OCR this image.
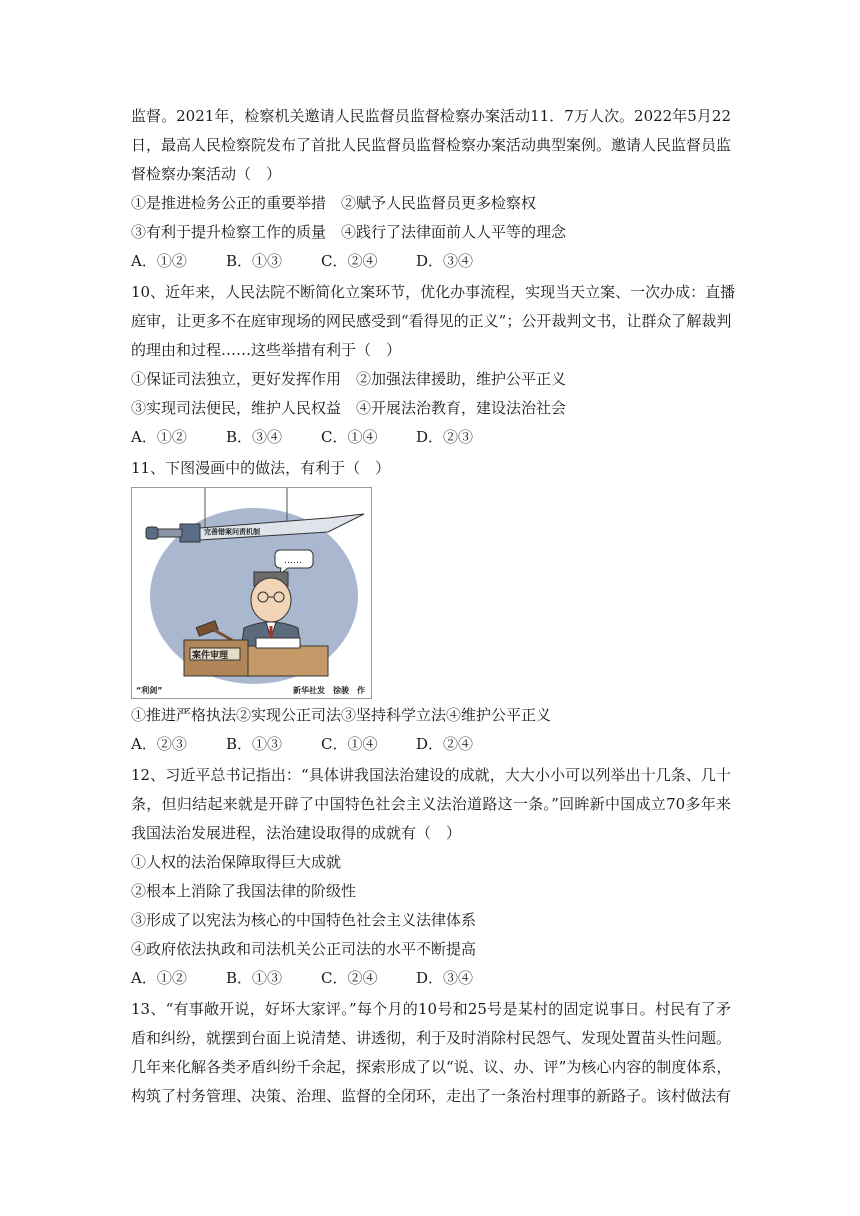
监督。2021年，检察机关邀请人民监督员监督检察办案活动11．7万人次。2022年5月22
日，最高人民检察院发布了首批人民监督员监督检察办案活动典型案例。邀请人民监督员监
督检察办案活动（　）
①是推进检务公正的重要举措　②赋予人民监督员更多检察权
③有利于提升检察工作的质量　④践行了法律面前人人平等的理念
A．①②	B．①③	C．②④	D．③④
10、近年来，人民法院不断简化立案环节，优化办事流程，实现当天立案、一次办成：直播
庭审，让更多不在庭审现场的网民感受到“看得见的正义”；公开裁判文书，让群众了解裁判
的理由和过程……这些举措有利于（　）
①保证司法独立，更好发挥作用　②加强法律援助，维护公平正义
③实现司法便民，维护人民权益　④开展法治教育，建设法治社会
A．①②	B．③④	C．①④	D．②③
11、下图漫画中的做法，有利于（　）
完善错案问责机制
……
案件审理
“利剑”	新华社发　徐骏　作
①推进严格执法②实现公正司法③坚持科学立法④维护公平正义
A．②③	B．①③	C．①④	D．②④
12、习近平总书记指出：“具体讲我国法治建设的成就，大大小小可以列举出十几条、几十
条，但归结起来就是开辟了中国特色社会主义法治道路这一条。”回眸新中国成立70多年来
我国法治发展进程，法治建设取得的成就有（　）
①人权的法治保障取得巨大成就
②根本上消除了我国法律的阶级性
③形成了以宪法为核心的中国特色社会主义法律体系
④政府依法执政和司法机关公正司法的水平不断提高
A．①②	B．①③	C．②④	D．③④
13、“有事敞开说，好坏大家评。”每个月的10号和25号是某村的固定说事日。村民有了矛
盾和纠纷，就摆到台面上说清楚、讲透彻，利于及时消除村民怨气、发现处置苗头性问题。
几年来化解各类矛盾纠纷千余起，探索形成了以“说、议、办、评”为核心内容的制度体系，
构筑了村务管理、决策、治理、监督的全闭环，走出了一条治村理事的新路子。该村做法有
